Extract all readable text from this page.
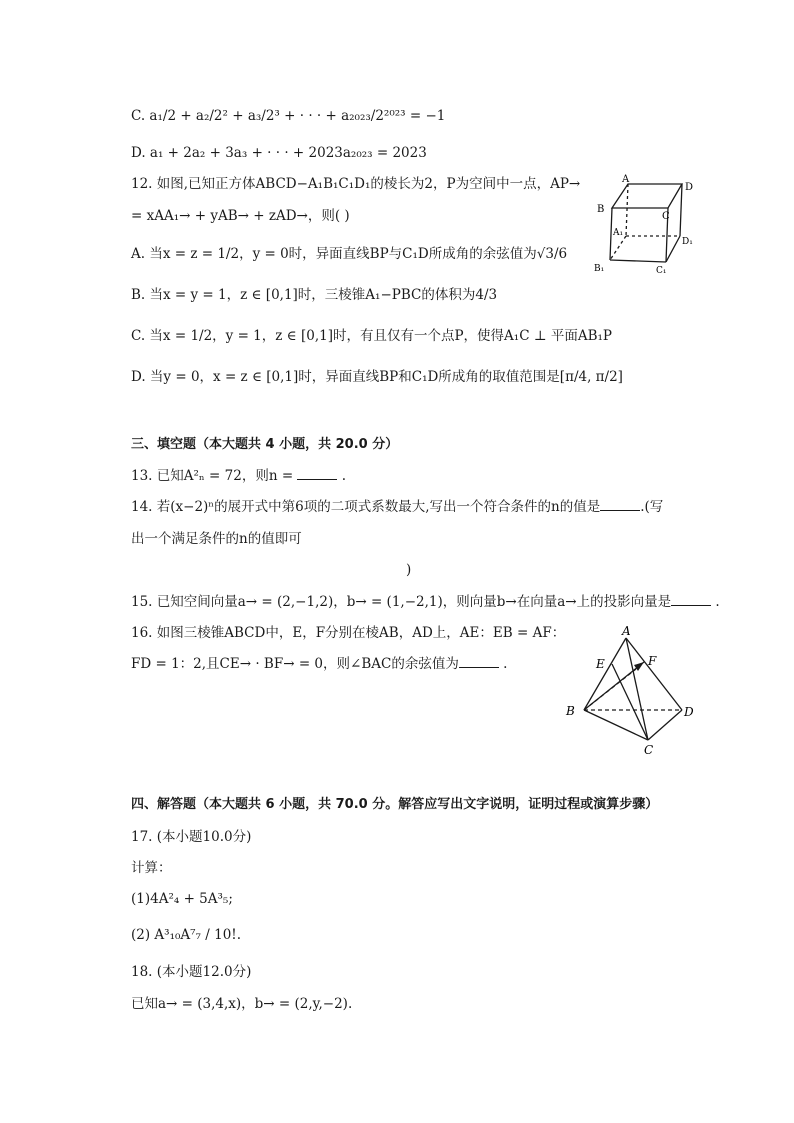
C. a₁/2 + a₂/2² + a₃/2³ + · · · + a₂₀₂₃/2²⁰²³ = −1
D. a₁ + 2a₂ + 3a₃ + · · · + 2023a₂₀₂₃ = 2023
12. 如图,已知正方体ABCD−A₁B₁C₁D₁的棱长为2，P为空间中一点，AP→
= xAA₁→ + yAB→ + zAD→，则( )
A. 当x = z = 1/2，y = 0时，异面直线BP与C₁D所成角的余弦值为√3/6
B. 当x = y = 1，z ∈ [0,1]时，三棱锥A₁−PBC的体积为4/3
C. 当x = 1/2，y = 1，z ∈ [0,1]时，有且仅有一个点P，使得A₁C ⊥ 平面AB₁P
D. 当y = 0，x = z ∈ [0,1]时，异面直线BP和C₁D所成角的取值范围是[π/4, π/2]
A
D
B
C
A₁
D₁
B₁	C₁
三、填空题（本大题共 4 小题，共 20.0 分）
13. 已知A²ₙ = 72，则n =	.
14. 若(x−2)ⁿ的展开式中第6项的二项式系数最大,写出一个符合条件的n的值是	.(写
出一个满足条件的n的值即可
)
15. 已知空间向量a→ = (2,−1,2)，b→ = (1,−2,1)，则向量b→在向量a→上的投影向量是	.
16. 如图三棱锥ABCD中，E，F分别在棱AB，AD上，AE：EB = AF：
FD = 1：2,且CE→ · BF→ = 0，则∠BAC的余弦值为	.
A
E	F
B	D
C
四、解答题（本大题共 6 小题，共 70.0 分。解答应写出文字说明，证明过程或演算步骤）
17. (本小题10.0分)
计算：
(1)4A²₄ + 5A³₅;
(2) A³₁₀A⁷₇ / 10!.
18. (本小题12.0分)
已知a→ = (3,4,x)，b→ = (2,y,−2).
